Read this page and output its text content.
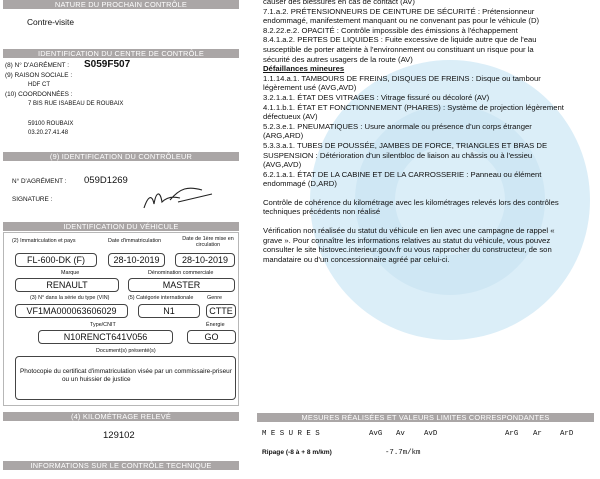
NATURE DU PROCHAIN CONTRÔLE
Contre-visite
IDENTIFICATION DU CENTRE DE CONTRÔLE
(8) N° D'AGRÉMENT : S059F507
(9) RAISON SOCIALE :
HDF CT
(10) COORDONNÉES :
7 BIS RUE ISABEAU DE ROUBAIX
59100 ROUBAIX
03.20.27.41.48
(9) IDENTIFICATION DU CONTRÔLEUR
N° D'AGRÉMENT : 059D1269
SIGNATURE :
IDENTIFICATION DU VÉHICULE
(2) Immatriculation et pays	Date d'immatriculation	Date de 1ère mise en circulation
FL-600-DK (F)	28-10-2019	28-10-2019
Marque	Dénomination commerciale
RENAULT	MASTER
(3) N° dans la série du type (VIN)	(5) Catégorie internationale	Genre
VF1MA000063606029	N1	CTTE
Type/CNIT	Énergie
N10RENCT641V056	GO
Document(s) présenté(s)
Photocopie du certificat d'immatriculation visée par un commissaire-priseur
ou un huissier de justice
(4) KILOMÉTRAGE RELEVÉ
129102
INFORMATIONS SUR LE CONTRÔLE TECHNIQUE DÉFAVORABLE
causer des blessures en cas de contact (AV)
7.1.a.2. PRÉTENSIONNEURS DE CEINTURE DE SÉCURITÉ : Prétensionneur
endommagé, manifestement manquant ou ne convenant pas pour le véhicule (D)
8.2.22.e.2. OPACITÉ : Contrôle impossible des émissions à l'échappement
8.4.1.a.2. PERTES DE LIQUIDES : Fuite excessive de liquide autre que de l'eau
susceptible de porter atteinte à l'environnement ou constituant un risque pour la
sécurité des autres usagers de la route (AV)
Défaillances mineures
1.1.14.a.1. TAMBOURS DE FREINS, DISQUES DE FREINS : Disque ou tambour
légèrement usé (AVG,AVD)
3.2.1.a.1. ÉTAT DES VITRAGES : Vitrage fissuré ou décoloré (AV)
4.1.1.b.1. ÉTAT ET FONCTIONNEMENT (PHARES) : Système de projection légèrement
défectueux (AV)
5.2.3.e.1. PNEUMATIQUES : Usure anormale ou présence d'un corps étranger
(ARG,ARD)
5.3.3.a.1. TUBES DE POUSSÉE, JAMBES DE FORCE, TRIANGLES ET BRAS DE
SUSPENSION : Détérioration d'un silentbloc de liaison au châssis ou à l'essieu
(AVG,AVD)
6.2.1.a.1. ÉTAT DE LA CABINE ET DE LA CARROSSERIE : Panneau ou élément
endommagé (D,ARD)
Contrôle de cohérence du kilométrage avec les kilométrages relevés lors des contrôles
techniques précédents non réalisé
Vérification non réalisée du statut du véhicule en lien avec une campagne de rappel «
grave ». Pour connaître les informations relatives au statut du véhicule, vous pouvez
consulter le site histovec.interieur.gouv.fr ou vous rapprocher du constructeur, de son
mandataire ou d'un concessionnaire agréé par celui-ci.
MESURES RÉALISÉES ET VALEURS LIMITES CORRESPONDANTES
M E S U R E S	AvG Av	AvD	ArG Ar ArD
Ripage (-8 à + 8 m/km)	-7.7m/km
